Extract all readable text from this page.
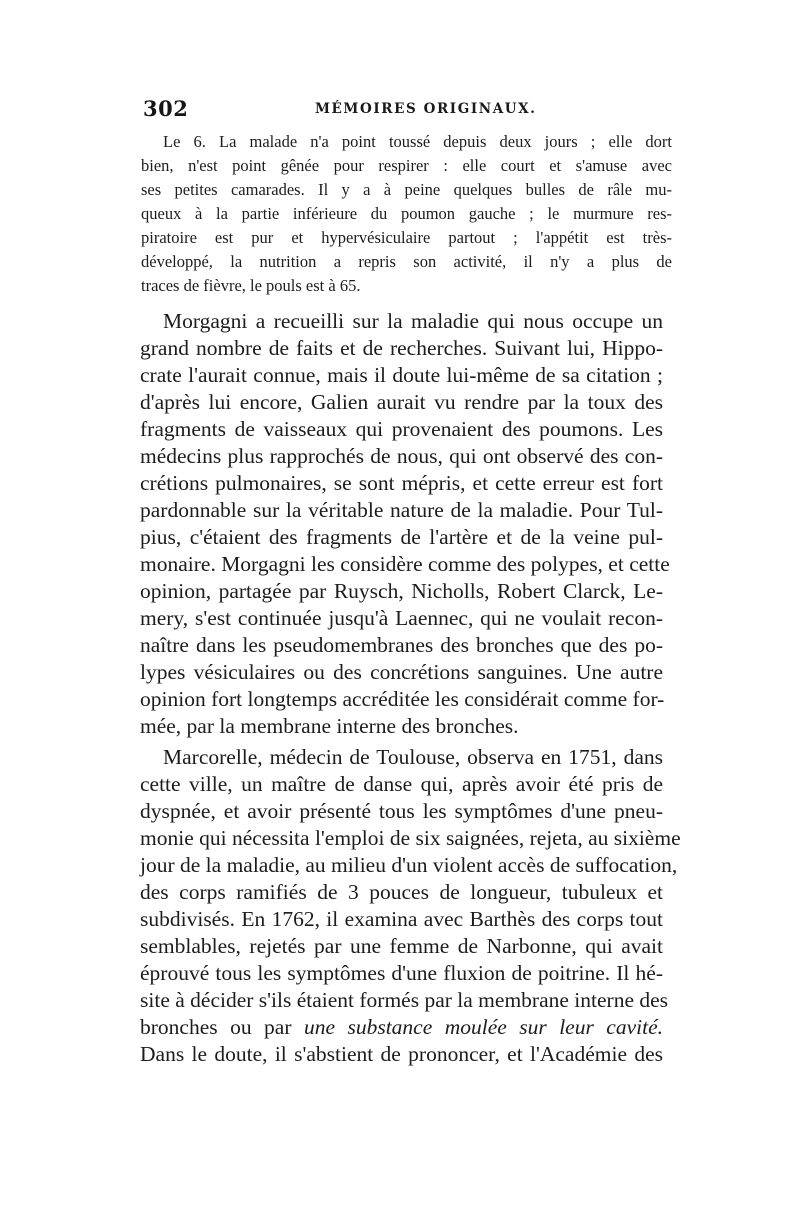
302	MÉMOIRES ORIGINAUX.
Le 6. La malade n'a point toussé depuis deux jours ; elle dort
bien, n'est point gênée pour respirer : elle court et s'amuse avec
ses petites camarades. Il y a à peine quelques bulles de râle mu-
queux à la partie inférieure du poumon gauche ; le murmure res-
piratoire est pur et hypervésiculaire partout ; l'appétit est très-
développé, la nutrition a repris son activité, il n'y a plus de
traces de fièvre, le pouls est à 65.
Morgagni a recueilli sur la maladie qui nous occupe un
grand nombre de faits et de recherches. Suivant lui, Hippo-
crate l'aurait connue, mais il doute lui-même de sa citation ;
d'après lui encore, Galien aurait vu rendre par la toux des
fragments de vaisseaux qui provenaient des poumons. Les
médecins plus rapprochés de nous, qui ont observé des con-
crétions pulmonaires, se sont mépris, et cette erreur est fort
pardonnable sur la véritable nature de la maladie. Pour Tul-
pius, c'étaient des fragments de l'artère et de la veine pul-
monaire. Morgagni les considère comme des polypes, et cette
opinion, partagée par Ruysch, Nicholls, Robert Clarck, Le-
mery, s'est continuée jusqu'à Laennec, qui ne voulait recon-
naître dans les pseudomembranes des bronches que des po-
lypes vésiculaires ou des concrétions sanguines. Une autre
opinion fort longtemps accréditée les considérait comme for-
mée, par la membrane interne des bronches.
Marcorelle, médecin de Toulouse, observa en 1751, dans
cette ville, un maître de danse qui, après avoir été pris de
dyspnée, et avoir présenté tous les symptômes d'une pneu-
monie qui nécessita l'emploi de six saignées, rejeta, au sixième
jour de la maladie, au milieu d'un violent accès de suffocation,
des corps ramifiés de 3 pouces de longueur, tubuleux et
subdivisés. En 1762, il examina avec Barthès des corps tout
semblables, rejetés par une femme de Narbonne, qui avait
éprouvé tous les symptômes d'une fluxion de poitrine. Il hé-
site à décider s'ils étaient formés par la membrane interne des
bronches ou par une substance moulée sur leur cavité.
Dans le doute, il s'abstient de prononcer, et l'Académie des
